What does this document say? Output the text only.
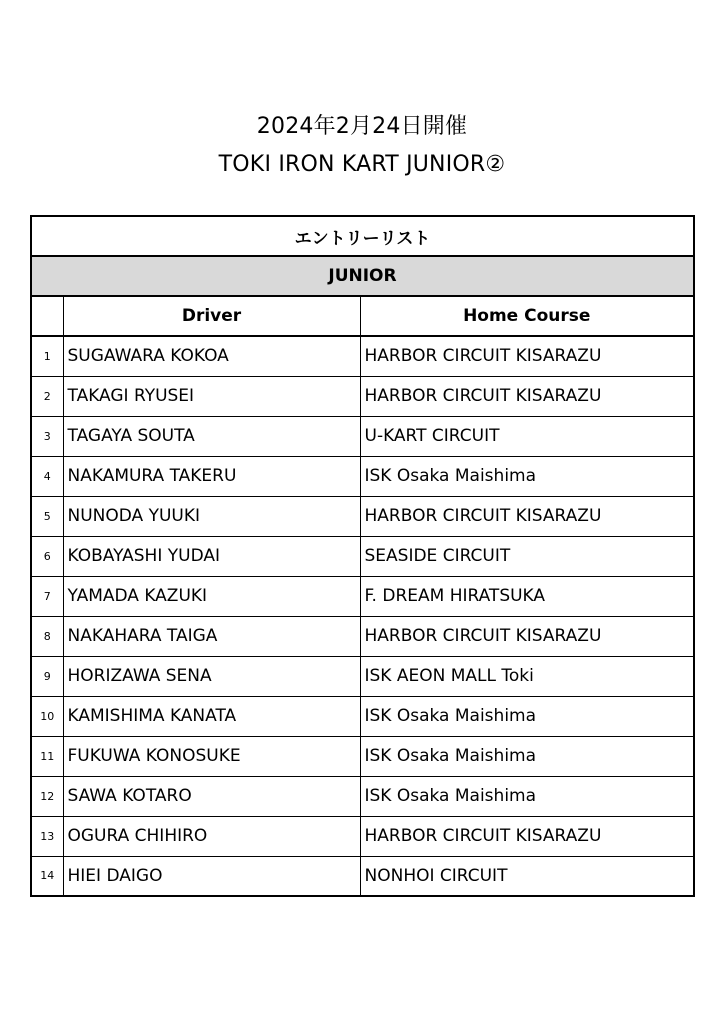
2024年2月24日開催
TOKI IRON KART JUNIOR②
エントリーリスト		
JUNIOR		
	Driver	Home Course
1	SUGAWARA KOKOA	HARBOR CIRCUIT KISARAZU
2	TAKAGI RYUSEI	HARBOR CIRCUIT KISARAZU
3	TAGAYA SOUTA	U-KART CIRCUIT
4	NAKAMURA TAKERU	ISK Osaka Maishima
5	NUNODA YUUKI	HARBOR CIRCUIT KISARAZU
6	KOBAYASHI YUDAI	SEASIDE CIRCUIT
7	YAMADA KAZUKI	F. DREAM HIRATSUKA
8	NAKAHARA TAIGA	HARBOR CIRCUIT KISARAZU
9	HORIZAWA SENA	ISK AEON MALL Toki
10	KAMISHIMA KANATA	ISK Osaka Maishima
11	FUKUWA KONOSUKE	ISK Osaka Maishima
12	SAWA KOTARO	ISK Osaka Maishima
13	OGURA CHIHIRO	HARBOR CIRCUIT KISARAZU
14	HIEI DAIGO	NONHOI CIRCUIT
